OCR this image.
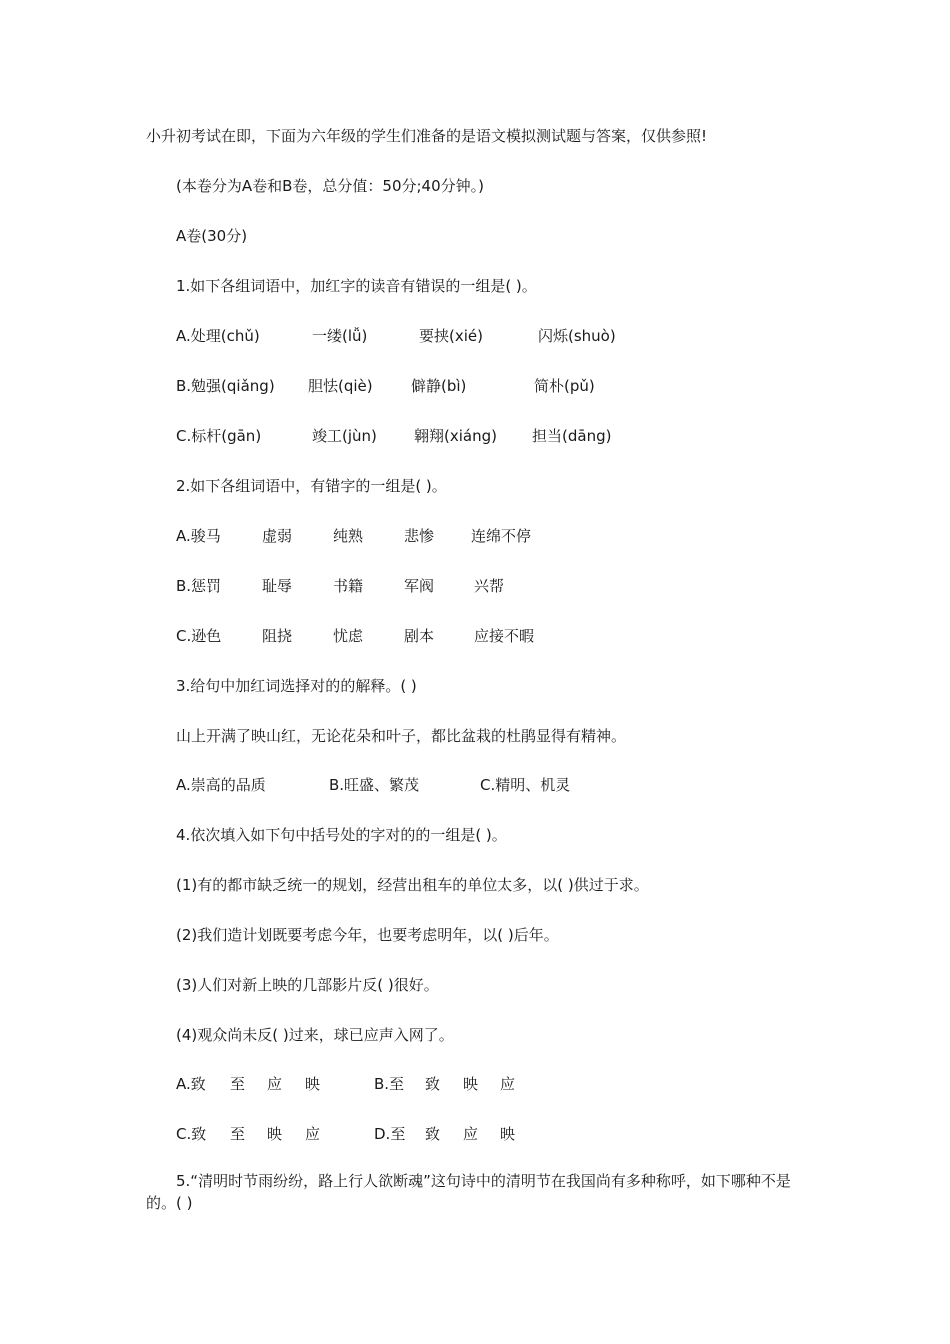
小升初考试在即，下面为六年级的学生们准备的是语文模拟测试题与答案，仅供参照!
(本卷分为A卷和B卷，总分值：50分;40分钟。)
A卷(30分)
1.如下各组词语中，加红字的读音有错误的一组是( )。
A.处理(chǔ)	一缕(lǚ)	要挟(xié)	闪烁(shuò)
B.勉强(qiǎng) 胆怯(qiè)	僻静(bì)	简朴(pǔ)
C.标杆(gān)	竣工(jùn) 翱翔(xiáng) 担当(dāng)
2.如下各组词语中，有错字的一组是( )。
A.骏马	虚弱	纯熟	悲惨 连绵不停
B.惩罚	耻辱	书籍	军阀	兴帮
C.逊色	阻挠	忧虑	剧本	应接不暇
3.给句中加红词选择对的的解释。( )
山上开满了映山红，无论花朵和叶子，都比盆栽的杜鹃显得有精神。
A.崇高的品质	B.旺盛、繁茂	C.精明、机灵
4.依次填入如下句中括号处的字对的的一组是( )。
(1)有的都市缺乏统一的规划，经营出租车的单位太多，以( )供过于求。
(2)我们造计划既要考虑今年，也要考虑明年，以( )后年。
(3)人们对新上映的几部影片反( )很好。
(4)观众尚未反( )过来，球已应声入网了。
A.致 至 应 映	B.至 致 映 应
C.致 至 映 应	D.至 致 应 映
5.“清明时节雨纷纷，路上行人欲断魂”这句诗中的清明节在我国尚有多种称呼，如下哪种不是的。( )
